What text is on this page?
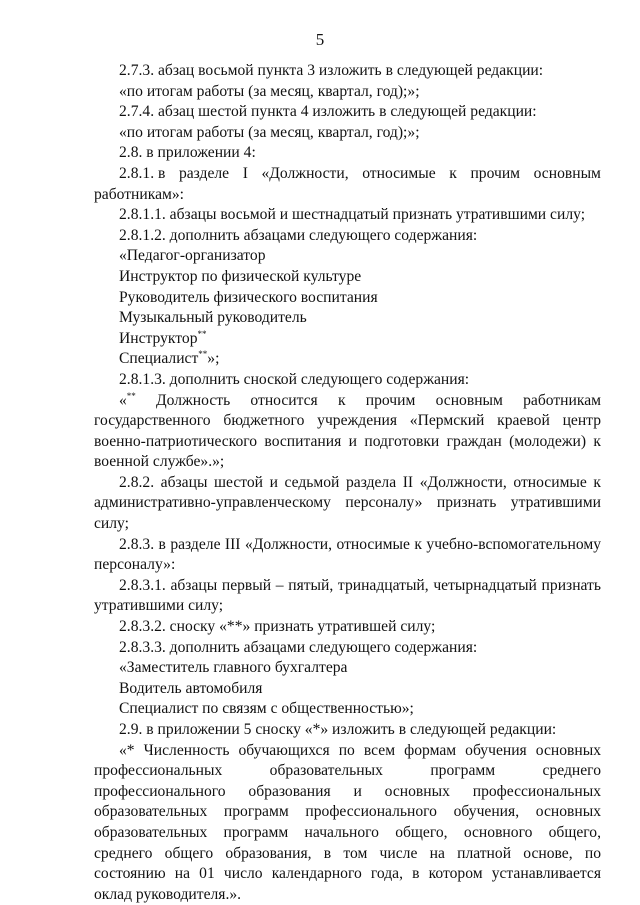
5

2.7.3. абзац восьмой пункта 3 изложить в следующей редакции:

«по итогам работы (за месяц, квартал, год);»;

2.7.4. абзац шестой пункта 4 изложить в следующей редакции:

«по итогам работы (за месяц, квартал, год);»;

2.8. в приложении 4:

2.8.1. в разделе I «Должности, относимые к прочим основным

работникам»:

2.8.1.1. абзацы восьмой и шестнадцатый признать утратившими силу;

2.8.1.2. дополнить абзацами следующего содержания:

«Педагог-организатор

Инструктор по физической культуре

Руководитель физического воспитания

Музыкальный руководитель

Инструктор**

Специалист**»;

2.8.1.3. дополнить сноской следующего содержания:

«** Должность относится к прочим основным работникам государственного бюджетного учреждения «Пермский краевой центр военно-патриотического воспитания и подготовки граждан (молодежи) к военной службе».»;

2.8.2. абзацы шестой и седьмой раздела II «Должности, относимые к административно-управленческому персоналу» признать утратившими силу;

2.8.3. в разделе III «Должности, относимые к учебно-вспомогательному персоналу»:

2.8.3.1. абзацы первый – пятый, тринадцатый, четырнадцатый признать утратившими силу;

2.8.3.2. сноску «**» признать утратившей силу;

2.8.3.3. дополнить абзацами следующего содержания:

«Заместитель главного бухгалтера

Водитель автомобиля

Специалист по связям с общественностью»;

2.9. в приложении 5 сноску «*» изложить в следующей редакции:

«* Численность обучающихся по всем формам обучения основных профессиональных образовательных программ среднего профессионального образования и основных профессиональных образовательных программ профессионального обучения, основных образовательных программ начального общего, основного общего, среднего общего образования, в том числе на платной основе, по состоянию на 01 число календарного года, в котором устанавливается оклад руководителя.».
